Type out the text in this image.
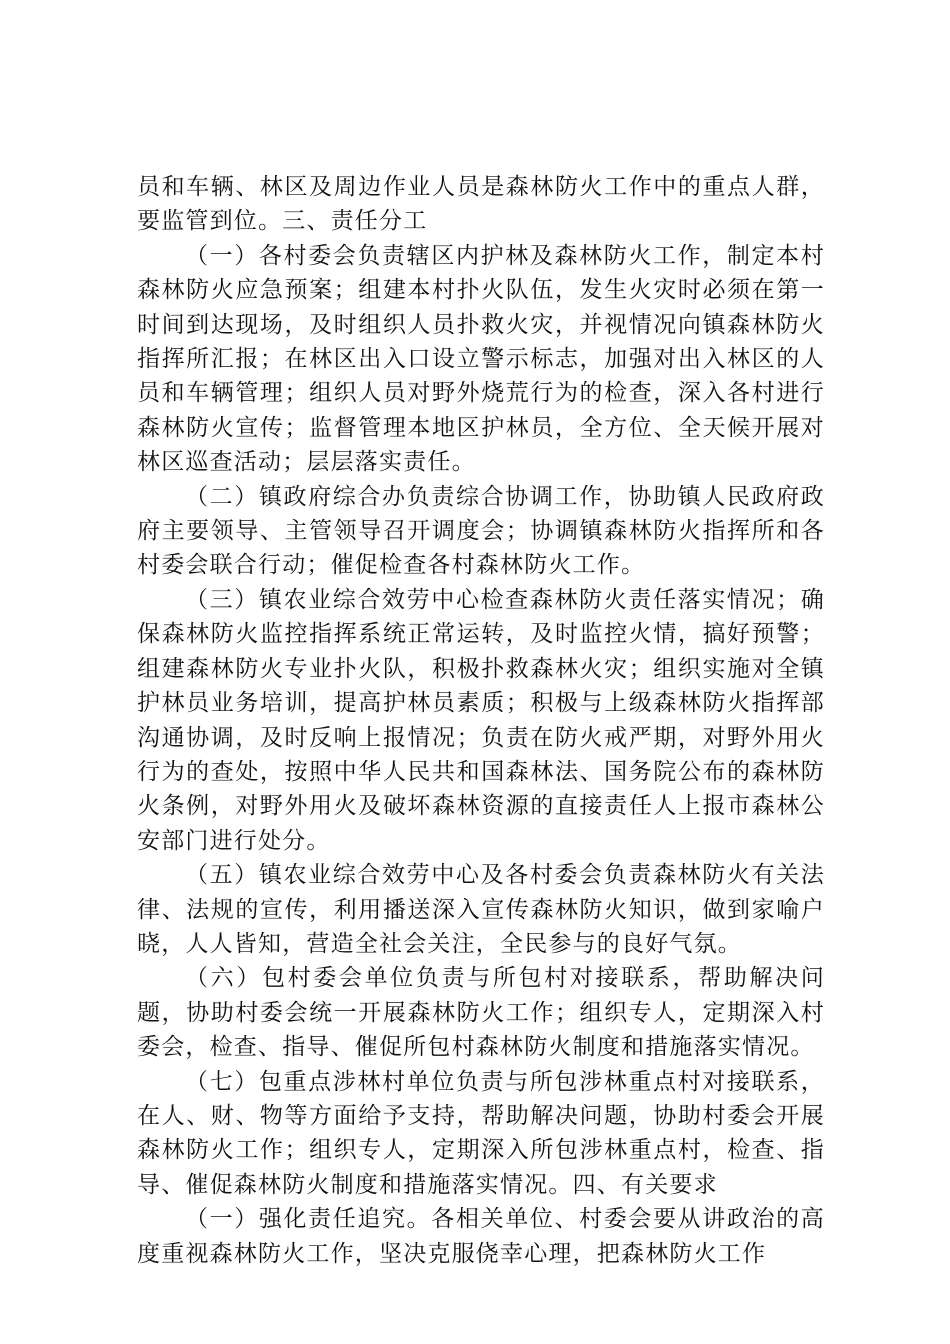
员和车辆、林区及周边作业人员是森林防火工作中的重点人群，要监管到位。三、责任分工

（一）各村委会负责辖区内护林及森林防火工作，制定本村森林防火应急预案；组建本村扑火队伍，发生火灾时必须在第一时间到达现场，及时组织人员扑救火灾，并视情况向镇森林防火指挥所汇报；在林区出入口设立警示标志，加强对出入林区的人员和车辆管理；组织人员对野外烧荒行为的检查，深入各村进行森林防火宣传；监督管理本地区护林员，全方位、全天候开展对林区巡查活动；层层落实责任。

（二）镇政府综合办负责综合协调工作，协助镇人民政府政府主要领导、主管领导召开调度会；协调镇森林防火指挥所和各村委会联合行动；催促检查各村森林防火工作。

（三）镇农业综合效劳中心检查森林防火责任落实情况；确保森林防火监控指挥系统正常运转，及时监控火情，搞好预警；组建森林防火专业扑火队，积极扑救森林火灾；组织实施对全镇护林员业务培训，提高护林员素质；积极与上级森林防火指挥部沟通协调，及时反响上报情况；负责在防火戒严期，对野外用火行为的查处，按照中华人民共和国森林法、国务院公布的森林防火条例，对野外用火及破坏森林资源的直接责任人上报市森林公安部门进行处分。

（五）镇农业综合效劳中心及各村委会负责森林防火有关法律、法规的宣传，利用播送深入宣传森林防火知识，做到家喻户晓，人人皆知，营造全社会关注，全民参与的良好气氛。

（六）包村委会单位负责与所包村对接联系，帮助解决问题，协助村委会统一开展森林防火工作；组织专人，定期深入村委会，检查、指导、催促所包村森林防火制度和措施落实情况。

（七）包重点涉林村单位负责与所包涉林重点村对接联系，在人、财、物等方面给予支持，帮助解决问题，协助村委会开展森林防火工作；组织专人，定期深入所包涉林重点村，检查、指导、催促森林防火制度和措施落实情况。四、有关要求

（一）强化责任追究。各相关单位、村委会要从讲政治的高度重视森林防火工作，坚决克服侥幸心理，把森林防火工作
